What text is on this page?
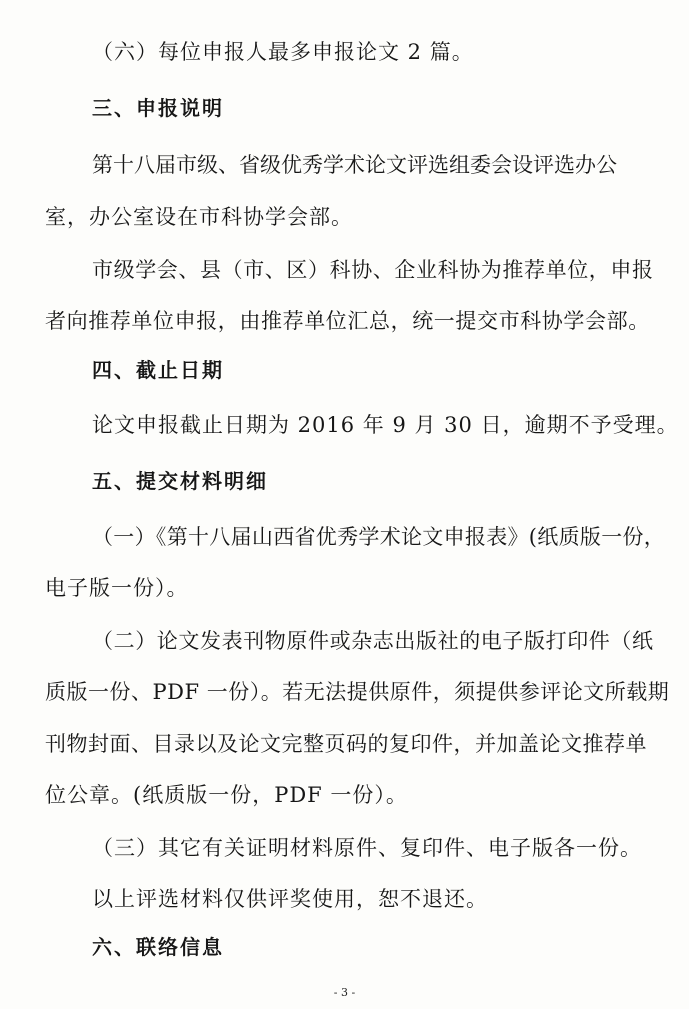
（六）每位申报人最多申报论文 2 篇。
三、申报说明
第十八届市级、省级优秀学术论文评选组委会设评选办公
室，办公室设在市科协学会部。
市级学会、县（市、区）科协、企业科协为推荐单位，申报
者向推荐单位申报，由推荐单位汇总，统一提交市科协学会部。
四、截止日期
论文申报截止日期为 2016 年 9 月 30 日，逾期不予受理。
五、提交材料明细
（一）《第十八届山西省优秀学术论文申报表》(纸质版一份，
电子版一份）。
（二）论文发表刊物原件或杂志出版社的电子版打印件（纸
质版一份、PDF 一份）。若无法提供原件，须提供参评论文所载期
刊物封面、目录以及论文完整页码的复印件，并加盖论文推荐单
位公章。(纸质版一份，PDF 一份）。
（三）其它有关证明材料原件、复印件、电子版各一份。
以上评选材料仅供评奖使用，恕不退还。
六、联络信息
- 3 -
